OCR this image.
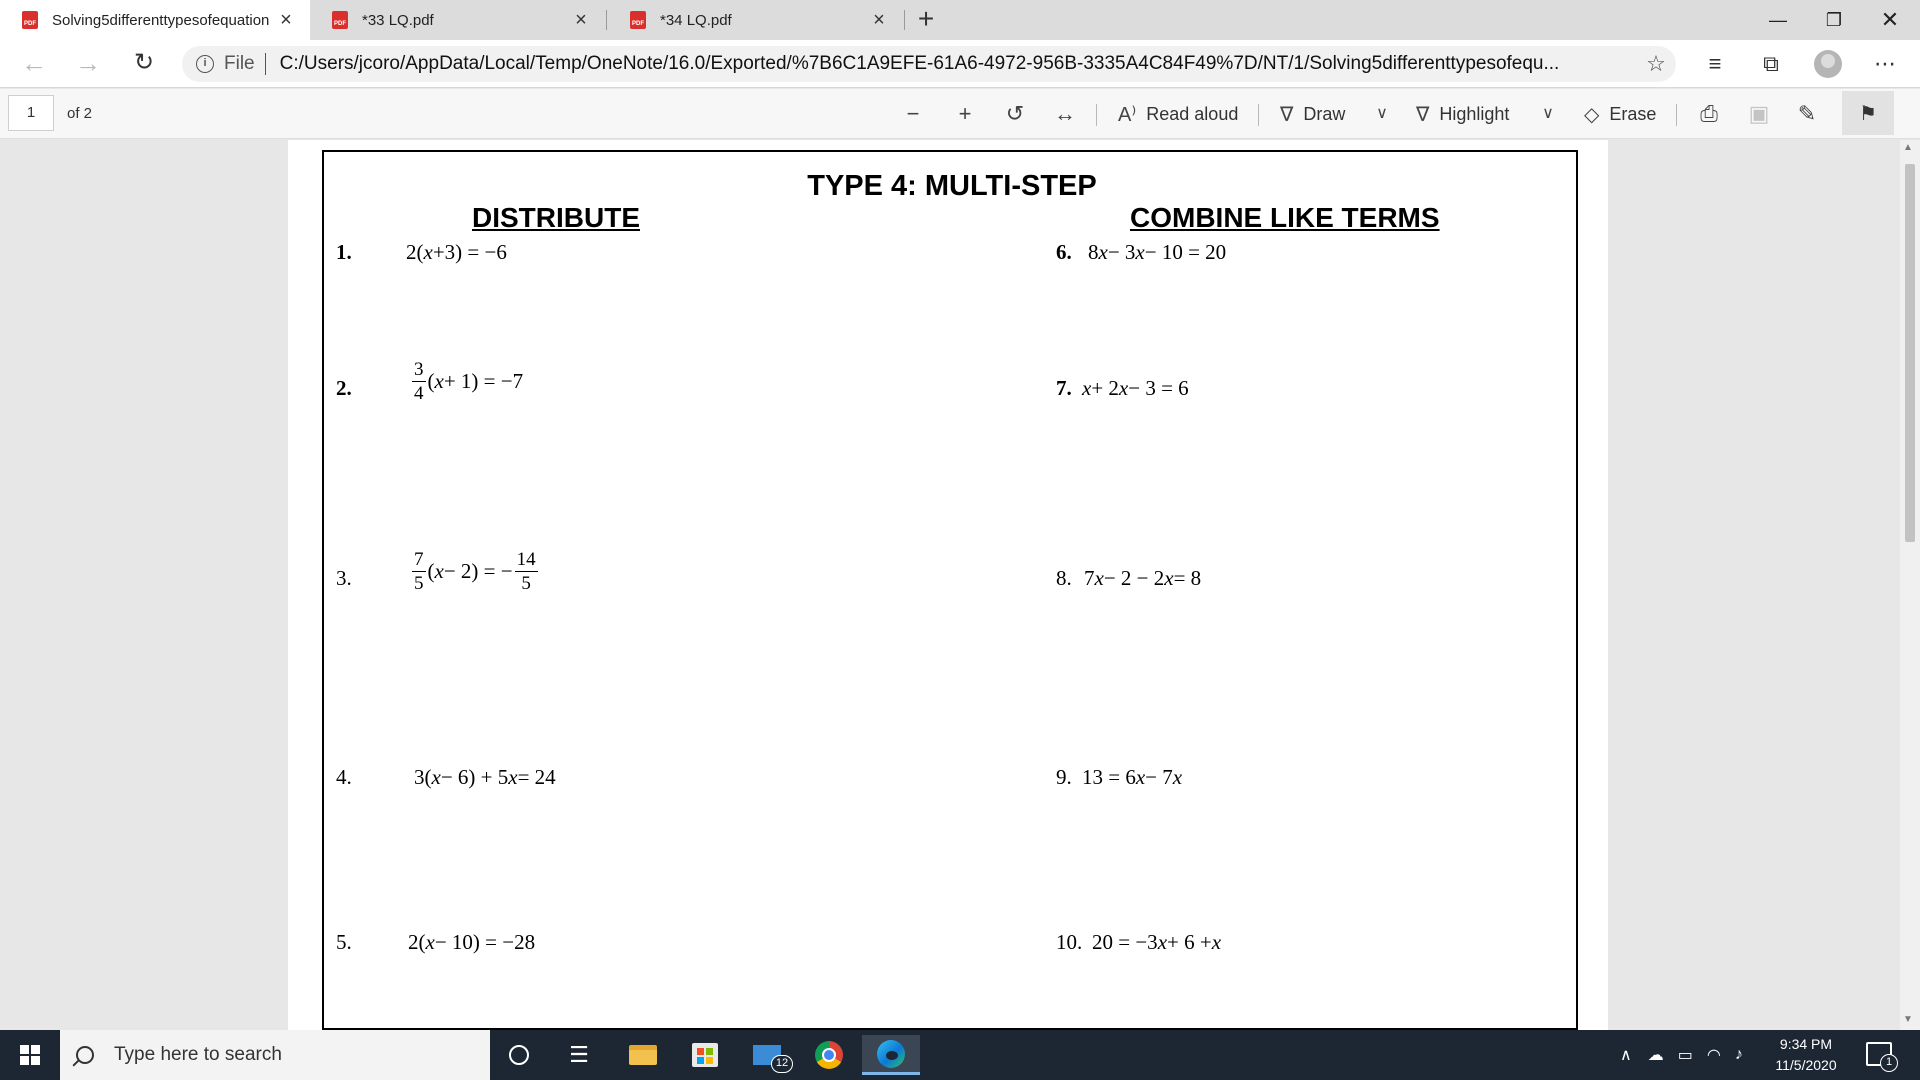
PDF Solving5differenttypesofequation ×	PDF *33 LQ.pdf	×	PDF *34 LQ.pdf	× +	—	❐	✕
← → ↻	i File C:/Users/jcoro/AppData/Local/Temp/OneNote/16.0/Exported/%7B6C1A9EFE-61A6-4972-956B-3335A4C84F49%7D/NT/1/Solving5differenttypesofequ...	☆	≡	⧉	⋯
1	of 2	−	+	↺ ↔ A⁾ Read aloud ∇ Draw	∨	∇ Highlight	∨	◇ Erase ⎙ ▣ ✎	⚑
TYPE 4: MULTI-STEP
DISTRIBUTE	COMBINE LIKE TERMS
1.	2( x +3) = −6
2.	$\frac{3}{4}$ ( x + 1) = −7
3.	$\frac{7}{5}$ ( x − 2) = − $\frac{14}{5}$
4.	3( x − 6) + 5 x = 24
5.	2( x − 10) = −28
6. 8 x − 3 x − 10 = 20
7. x + 2 x − 3 = 6
8. 7 x − 2 − 2 x = 8
9. 13 = 6 x − 7 x
10. 20 = −3 x + 6 + x
▲
▼
Type here to search	☰	12	∧ ☁ ▭ ◠ ♪
9:34 PM
11/5/2020	1
